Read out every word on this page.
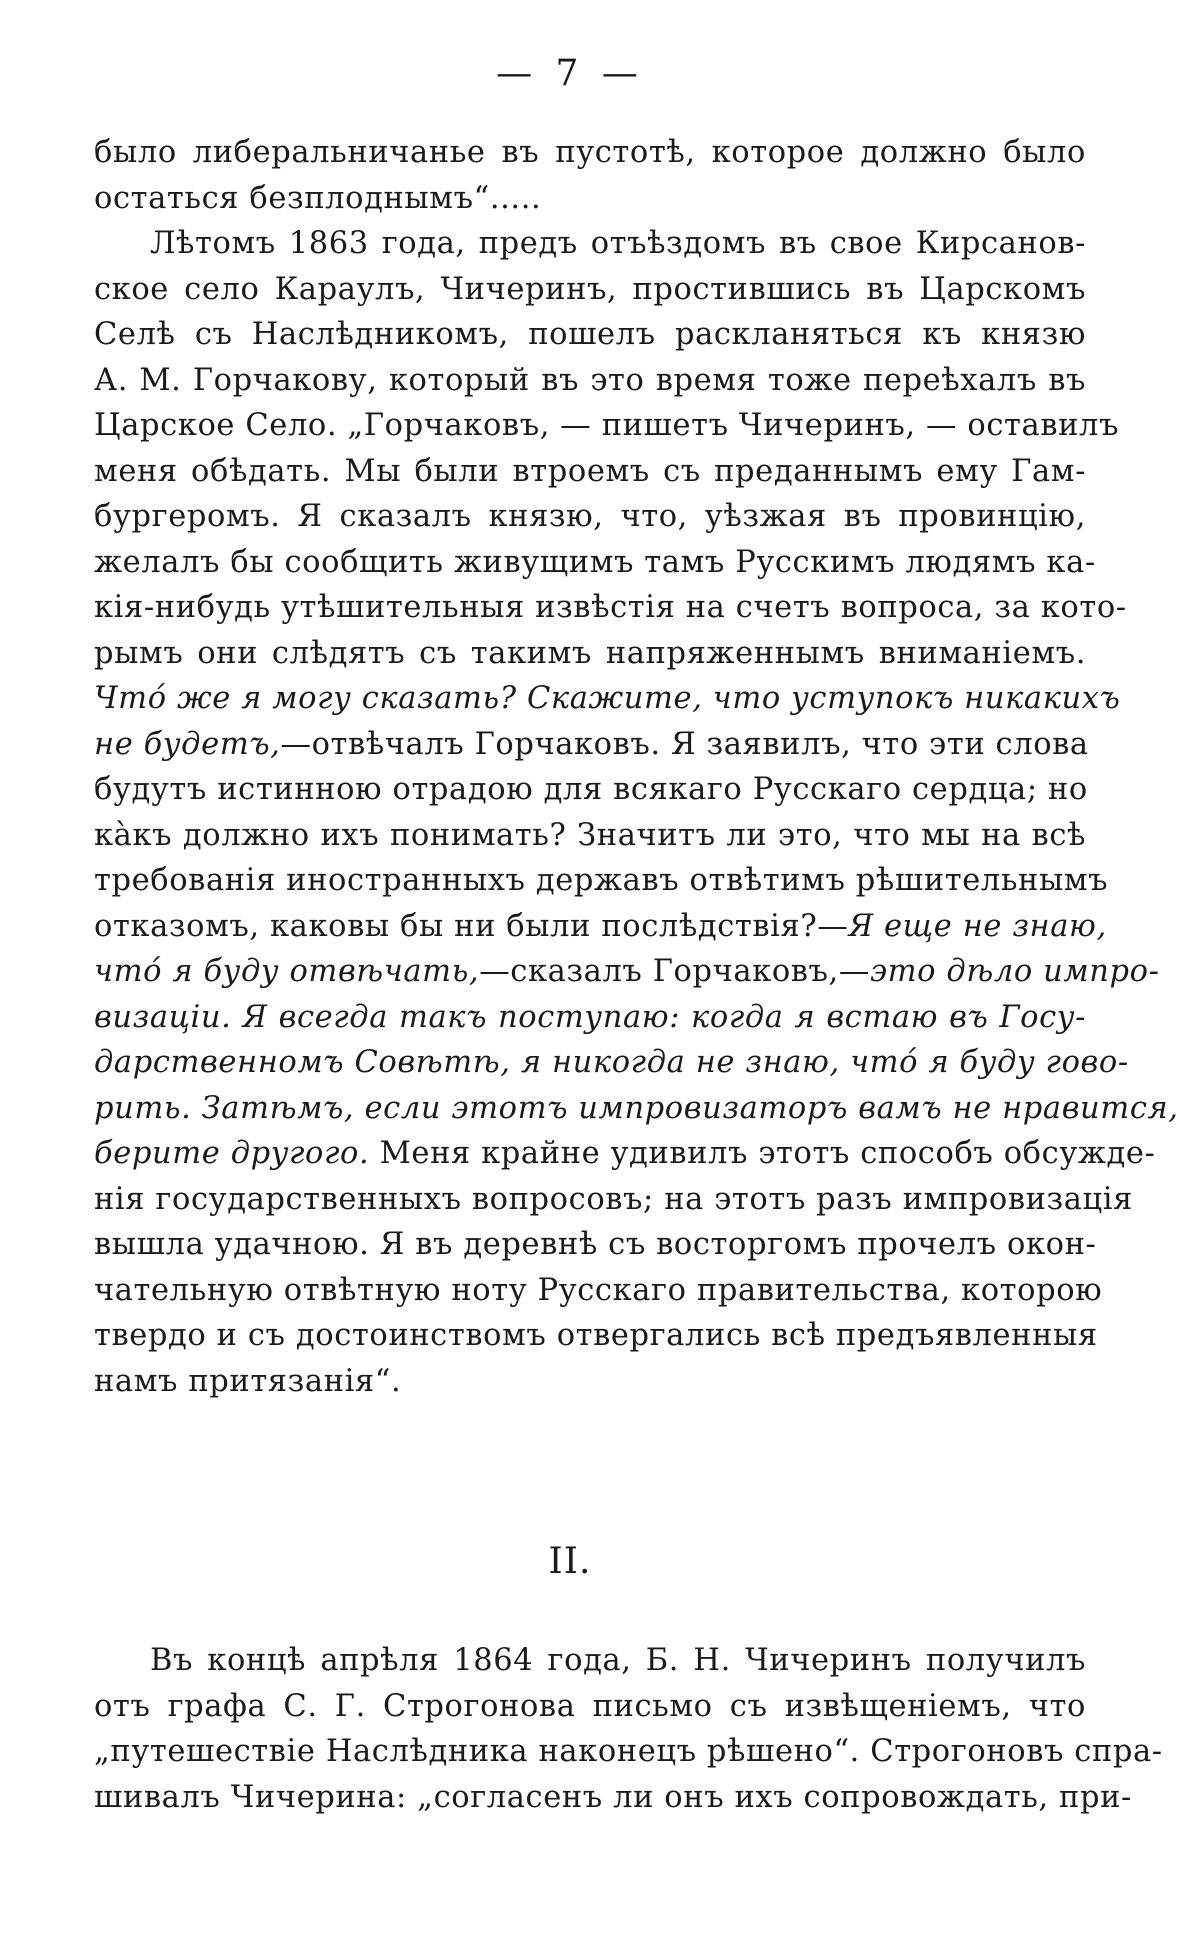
— 7 —
было либеральничанье въ пустотѣ, которое должно было
остаться безплоднымъ“.....
Лѣтомъ 1863 года, предъ отъѣздомъ въ свое Кирсанов-
ское село Караулъ, Чичеринъ, простившись въ Царскомъ
Селѣ съ Наслѣдникомъ, пошелъ раскланяться къ князю
А. М. Горчакову, который въ это время тоже переѣхалъ въ
Царское Село. „Горчаковъ, — пишетъ Чичеринъ, — оставилъ
меня обѣдать. Мы были втроемъ съ преданнымъ ему Гам-
бургеромъ. Я сказалъ князю, что, уѣзжая въ провинцію,
желалъ бы сообщить живущимъ тамъ Русскимъ людямъ ка-
кія-нибудь утѣшительныя извѣстія на счетъ вопроса, за кото-
рымъ они слѣдятъ съ такимъ напряженнымъ вниманіемъ.
Чтó же я могу сказать? Скажите, что уступокъ никакихъ
не будетъ,—отвѣчалъ Горчаковъ. Я заявилъ, что эти слова
будутъ истинною отрадою для всякаго Русскаго сердца; но
кàкъ должно ихъ понимать? Значитъ ли это, что мы на всѣ
требованія иностранныхъ державъ отвѣтимъ рѣшительнымъ
отказомъ, каковы бы ни были послѣдствія?—Я еще не знаю,
чтó я буду отвѣчать,—сказалъ Горчаковъ,—это дѣло импро-
визаціи. Я всегда такъ поступаю: когда я встаю въ Госу-
дарственномъ Совѣтѣ, я никогда не знаю, чтó я буду гово-
рить. Затѣмъ, если этотъ импровизаторъ вамъ не нравится,
берите другого. Меня крайне удивилъ этотъ способъ обсужде-
нія государственныхъ вопросовъ; на этотъ разъ импровизація
вышла удачною. Я въ деревнѣ съ восторгомъ прочелъ окон-
чательную отвѣтную ноту Русскаго правительства, которою
твердо и съ достоинствомъ отвергались всѣ предъявленныя
намъ притязанія“.
II.
Въ концѣ апрѣля 1864 года, Б. Н. Чичеринъ получилъ
отъ графа С. Г. Строгонова письмо съ извѣщеніемъ, что
„путешествіе Наслѣдника наконецъ рѣшено“. Строгоновъ спра-
шивалъ Чичерина: „согласенъ ли онъ ихъ сопровождать, при-
